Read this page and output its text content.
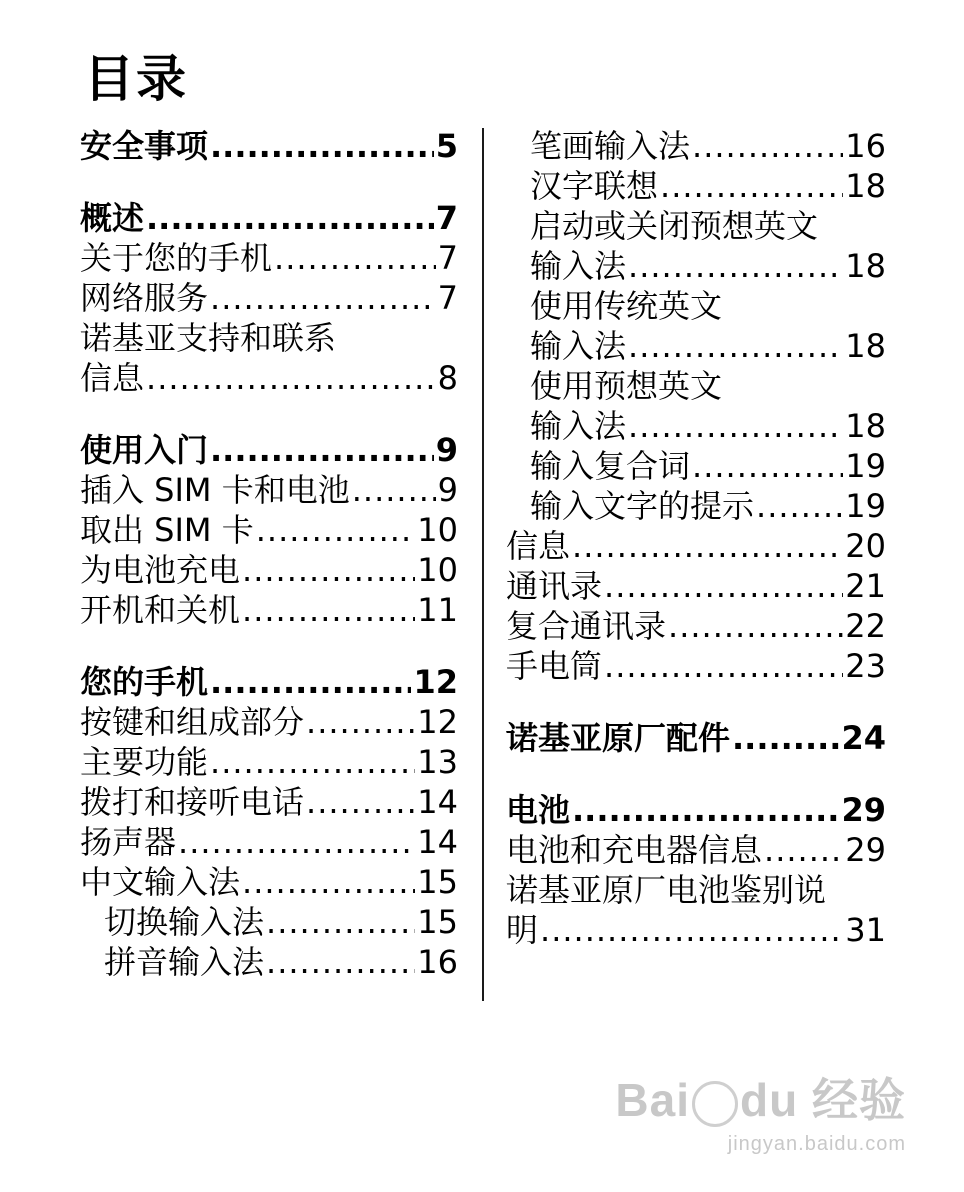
目录
安全事项 .....	5
概述 .....	7
关于您的手机 .....	7
网络服务 .....	7
诺基亚支持和联系
信息 .....	8
使用入门 .....	9
插入 SIM 卡和电池 .....	9
取出 SIM 卡 .....	10
为电池充电 .....	10
开机和关机 .....	11
您的手机 .....	12
按键和组成部分 .....	12
主要功能 .....	13
拨打和接听电话 .....	14
扬声器 .....	14
中文输入法 .....	15
切换输入法 .....	15
拼音输入法 .....	16
笔画输入法 .....	16
汉字联想 .....	18
启动或关闭预想英文
输入法 .....	18
使用传统英文
输入法 .....	18
使用预想英文
输入法 .....	18
输入复合词 .....	19
输入文字的提示 .....	19
信息 .....	20
通讯录 .....	21
复合通讯录 .....	22
手电筒 .....	23
诺基亚原厂配件 .....	24
电池 .....	29
电池和充电器信息 .....	29
诺基亚原厂电池鉴别说
明 .....	31
Bai du 经验
jingyan.baidu.com
